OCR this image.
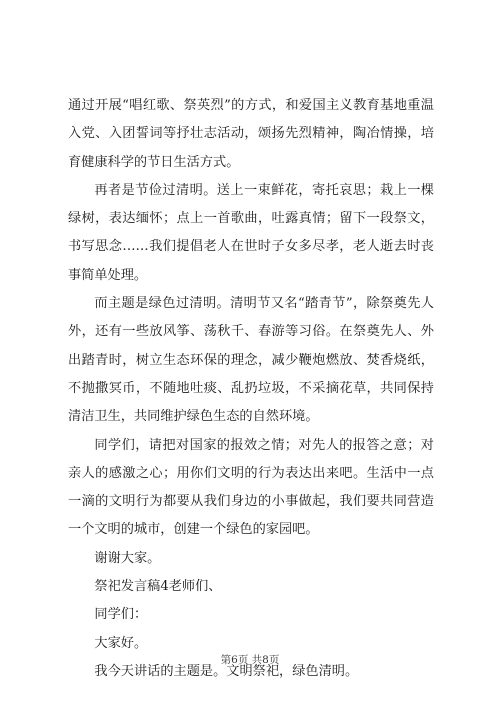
通过开展“唱红歌、祭英烈”的方式，和爱国主义教育基地重温入党、入团誓词等抒壮志活动，颂扬先烈精神，陶冶情操，培育健康科学的节日生活方式。

再者是节俭过清明。送上一束鲜花，寄托哀思；栽上一棵绿树，表达缅怀；点上一首歌曲，吐露真情；留下一段祭文，书写思念……我们提倡老人在世时子女多尽孝，老人逝去时丧事简单处理。

而主题是绿色过清明。清明节又名“踏青节”，除祭奠先人外，还有一些放风筝、荡秋千、春游等习俗。在祭奠先人、外出踏青时，树立生态环保的理念，减少鞭炮燃放、焚香烧纸，不抛撒冥币，不随地吐痰、乱扔垃圾，不采摘花草，共同保持清洁卫生，共同维护绿色生态的自然环境。

同学们，请把对国家的报效之情；对先人的报答之意；对亲人的感激之心；用你们文明的行为表达出来吧。生活中一点一滴的文明行为都要从我们身边的小事做起，我们要共同营造一个文明的城市，创建一个绿色的家园吧。

谢谢大家。

祭祀发言稿4老师们、

同学们：

大家好。

我今天讲话的主题是。文明祭祀，绿色清明。

第6页 共8页
